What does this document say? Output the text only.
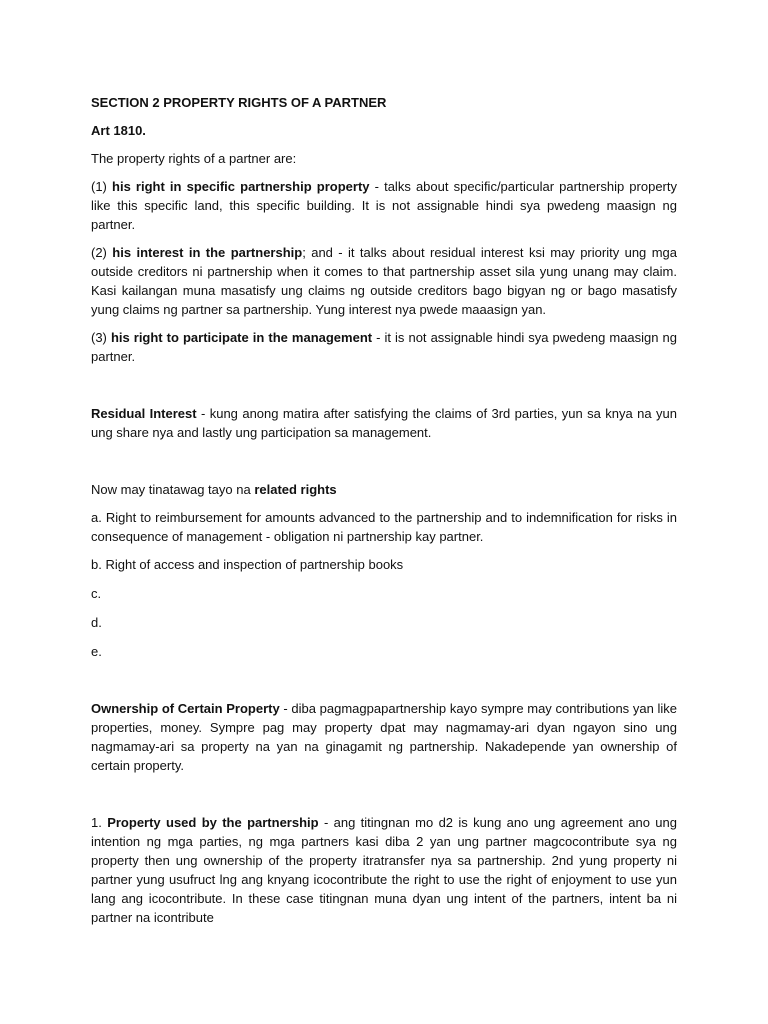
SECTION 2 PROPERTY RIGHTS OF A PARTNER

Art 1810.

The property rights of a partner are:

(1) his right in specific partnership property - talks about specific/particular partnership property like this specific land, this specific building. It is not assignable hindi sya pwedeng maasign ng partner.

(2) his interest in the partnership; and - it talks about residual interest ksi may priority ung mga outside creditors ni partnership when it comes to that partnership asset sila yung unang may claim. Kasi kailangan muna masatisfy ung claims ng outside creditors bago bigyan ng or bago masatisfy yung claims ng partner sa partnership. Yung interest nya pwede maaasign yan.

(3) his right to participate in the management - it is not assignable hindi sya pwedeng maasign ng partner.

Residual Interest - kung anong matira after satisfying the claims of 3rd parties, yun sa knya na yun ung share nya and lastly ung participation sa management.

Now may tinatawag tayo na related rights

a. Right to reimbursement for amounts advanced to the partnership and to indemnification for risks in consequence of management - obligation ni partnership kay partner.

b. Right of access and inspection of partnership books

c.

d.

e.

Ownership of Certain Property - diba pagmagpapartnership kayo sympre may contributions yan like properties, money. Sympre pag may property dpat may nagmamay-ari dyan ngayon sino ung nagmamay-ari sa property na yan na ginagamit ng partnership. Nakadepende yan ownership of certain property.

1. Property used by the partnership - ang titingnan mo d2 is kung ano ung agreement ano ung intention ng mga parties, ng mga partners kasi diba 2 yan ung partner magcocontribute sya ng property then ung ownership of the property itratransfer nya sa partnership. 2nd yung property ni partner yung usufruct lng ang knyang icocontribute the right to use the right of enjoyment to use yun lang ang icocontribute. In these case titingnan muna dyan ung intent of the partners, intent ba ni partner na icontribute
